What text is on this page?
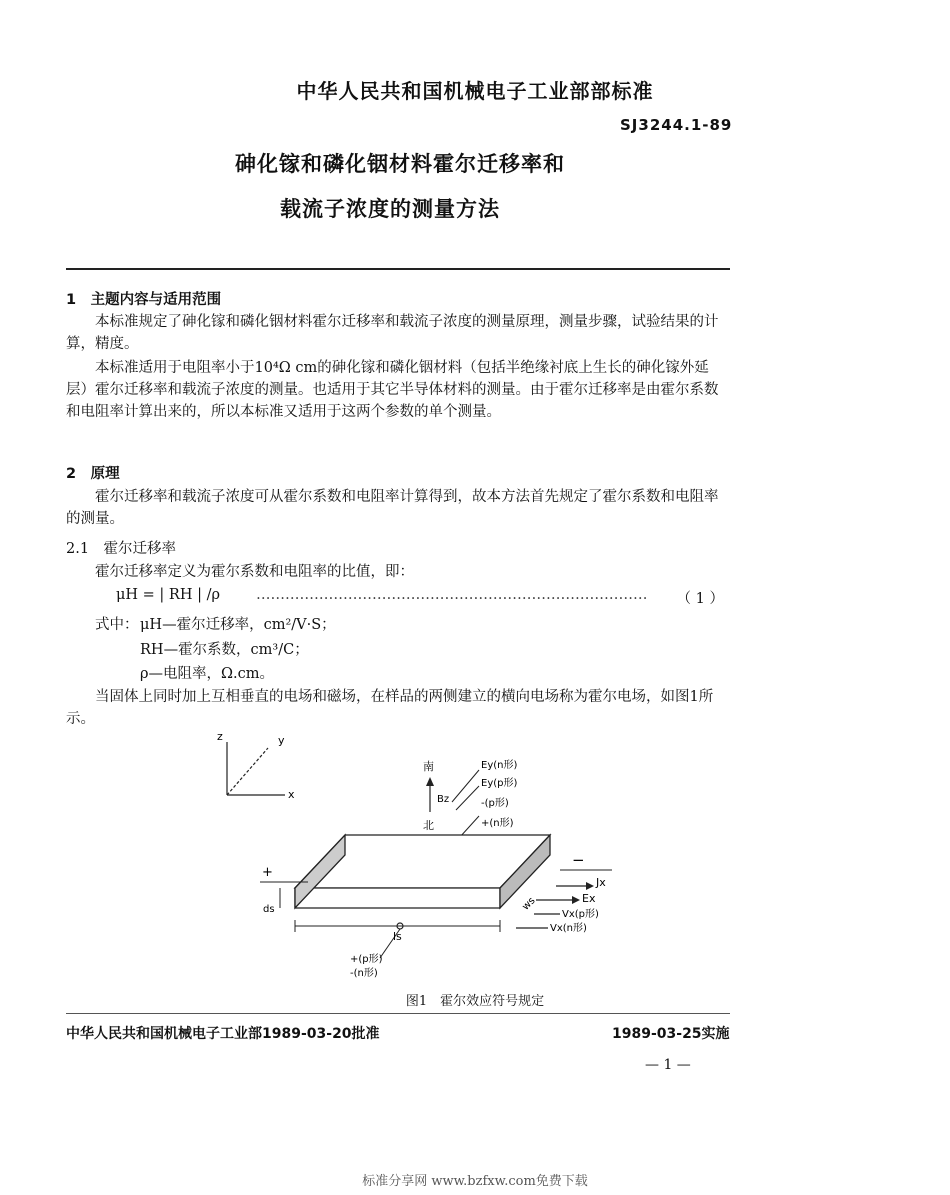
中华人民共和国机械电子工业部部标准
SJ3244.1-89
砷化镓和磷化铟材料霍尔迁移率和
载流子浓度的测量方法
1　主题内容与适用范围
本标准规定了砷化镓和磷化铟材料霍尔迁移率和载流子浓度的测量原理，测量步骤，试验结果的计算，精度。
本标准适用于电阻率小于10⁴Ω cm的砷化镓和磷化铟材料（包括半绝缘衬底上生长的砷化镓外延层）霍尔迁移率和载流子浓度的测量。也适用于其它半导体材料的测量。由于霍尔迁移率是由霍尔系数和电阻率计算出来的，所以本标准又适用于这两个参数的单个测量。
2　原理
霍尔迁移率和载流子浓度可从霍尔系数和电阻率计算得到，故本方法首先规定了霍尔系数和电阻率的测量。
2.1　霍尔迁移率
霍尔迁移率定义为霍尔系数和电阻率的比值，即：
μH = | RH | /ρ ………………………………………………………………………	（ 1 ）
式中： μH—霍尔迁移率，cm²/V·S；
RH—霍尔系数，cm³/C；
ρ—电阻率，Ω.cm。
当固体上同时加上互相垂直的电场和磁场，在样品的两侧建立的横向电场称为霍尔电场，如图1所示。
z	y
x
南
Bz
北
Ey(n形)
Ey(p形)
-(p形)
+(n形)
+
ds
−
ws
Jx
Ex
Vx(p形)
Vx(n形)
ls
+(p形)
-(n形)
图1　霍尔效应符号规定
中华人民共和国机械电子工业部1989-03-20批准	1989-03-25实施
— 1 —
标准分享网 www.bzfxw.com免费下载
